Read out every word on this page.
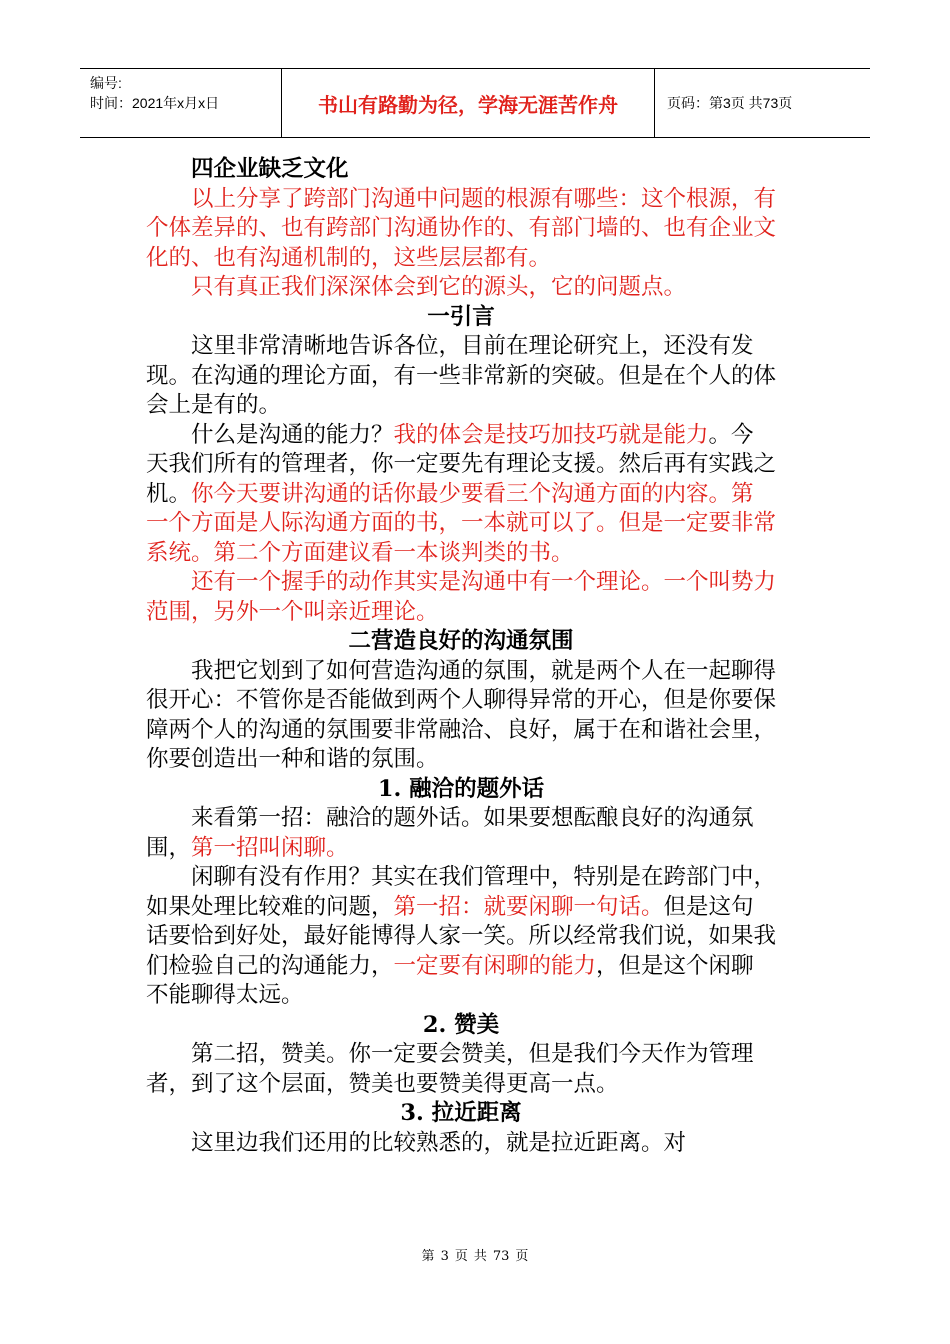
编号:
时间：2021年x月x日	书山有路勤为径，学海无涯苦作舟	页码：第3页 共73页

四企业缺乏文化

以上分享了跨部门沟通中问题的根源有哪些：这个根源，有个体差异的、也有跨部门沟通协作的、有部门墙的、也有企业文化的、也有沟通机制的，这些层层都有。

只有真正我们深深体会到它的源头，它的问题点。

一引言

这里非常清晰地告诉各位，目前在理论研究上，还没有发现。在沟通的理论方面，有一些非常新的突破。但是在个人的体会上是有的。

什么是沟通的能力？我的体会是技巧加技巧就是能力。今天我们所有的管理者，你一定要先有理论支援。然后再有实践之机。你今天要讲沟通的话你最少要看三个沟通方面的内容。第一个方面是人际沟通方面的书，一本就可以了。但是一定要非常系统。第二个方面建议看一本谈判类的书。

还有一个握手的动作其实是沟通中有一个理论。一个叫势力范围，另外一个叫亲近理论。

二营造良好的沟通氛围

我把它划到了如何营造沟通的氛围，就是两个人在一起聊得很开心：不管你是否能做到两个人聊得异常的开心，但是你要保障两个人的沟通的氛围要非常融洽、良好，属于在和谐社会里，你要创造出一种和谐的氛围。

1. 融洽的题外话

来看第一招：融洽的题外话。如果要想酝酿良好的沟通氛围，第一招叫闲聊。

闲聊有没有作用？其实在我们管理中，特别是在跨部门中，如果处理比较难的问题，第一招：就要闲聊一句话。但是这句话要恰到好处，最好能博得人家一笑。所以经常我们说，如果我们检验自己的沟通能力，一定要有闲聊的能力，但是这个闲聊不能聊得太远。

2. 赞美

第二招，赞美。你一定要会赞美，但是我们今天作为管理者，到了这个层面，赞美也要赞美得更高一点。

3. 拉近距离

这里边我们还用的比较熟悉的，就是拉近距离。对

第 3 页 共 73 页
